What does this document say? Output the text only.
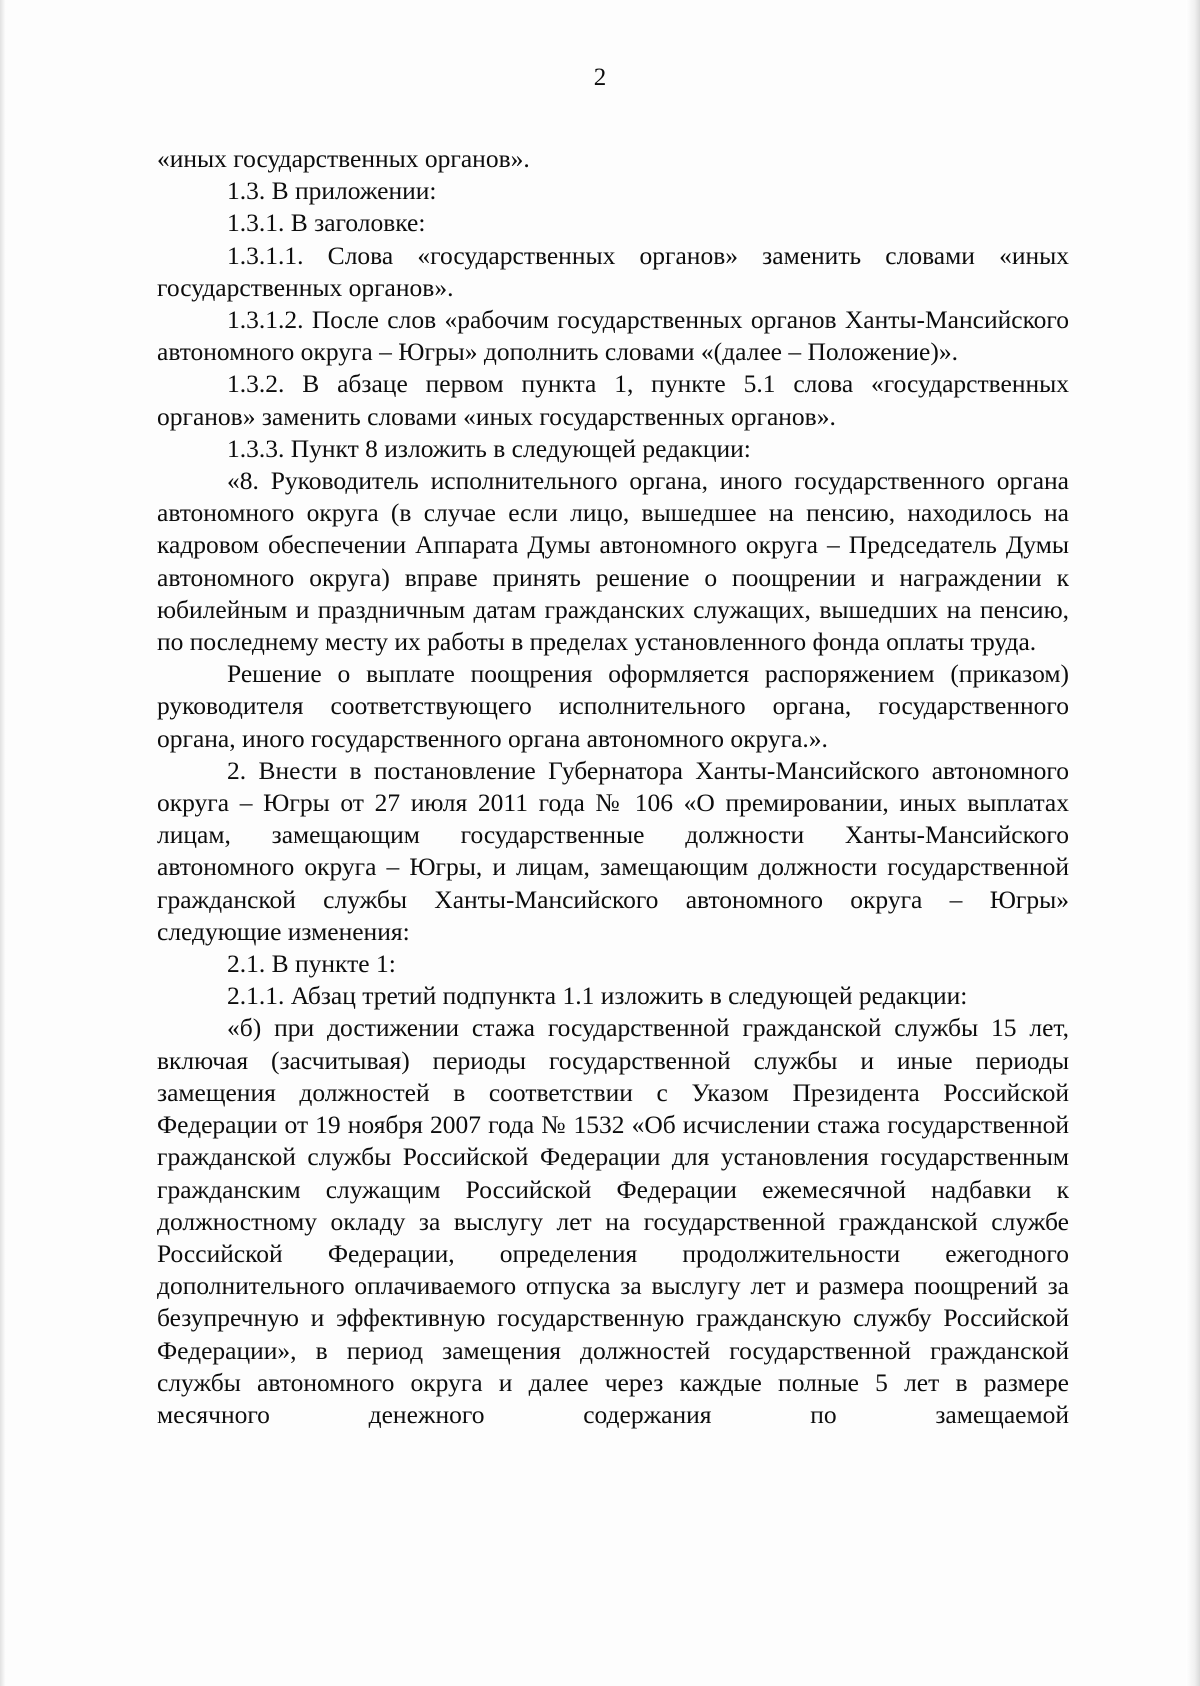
2

«иных государственных органов».

1.3. В приложении:

1.3.1. В заголовке:

1.3.1.1. Слова «государственных органов» заменить словами «иных государственных органов».

1.3.1.2. После слов «рабочим государственных органов Ханты-Мансийского автономного округа – Югры» дополнить словами «(далее – Положение)».

1.3.2. В абзаце первом пункта 1, пункте 5.1 слова «государственных органов» заменить словами «иных государственных органов».

1.3.3. Пункт 8 изложить в следующей редакции:

«8. Руководитель исполнительного органа, иного государственного органа автономного округа (в случае если лицо, вышедшее на пенсию, находилось на кадровом обеспечении Аппарата Думы автономного округа – Председатель Думы автономного округа) вправе принять решение о поощрении и награждении к юбилейным и праздничным датам гражданских служащих, вышедших на пенсию, по последнему месту их работы в пределах установленного фонда оплаты труда.

Решение о выплате поощрения оформляется распоряжением (приказом) руководителя соответствующего исполнительного органа, государственного органа, иного государственного органа автономного округа.».

2. Внести в постановление Губернатора Ханты-Мансийского автономного округа – Югры от 27 июля 2011 года № 106 «О премировании, иных выплатах лицам, замещающим государственные должности Ханты-Мансийского автономного округа – Югры, и лицам, замещающим должности государственной гражданской службы Ханты-Мансийского автономного округа – Югры» следующие изменения:

2.1. В пункте 1:

2.1.1. Абзац третий подпункта 1.1 изложить в следующей редакции:

«б) при достижении стажа государственной гражданской службы 15 лет, включая (засчитывая) периоды государственной службы и иные периоды замещения должностей в соответствии с Указом Президента Российской Федерации от 19 ноября 2007 года № 1532 «Об исчислении стажа государственной гражданской службы Российской Федерации для установления государственным гражданским служащим Российской Федерации ежемесячной надбавки к должностному окладу за выслугу лет на государственной гражданской службе Российской Федерации, определения продолжительности ежегодного дополнительного оплачиваемого отпуска за выслугу лет и размера поощрений за безупречную и эффективную государственную гражданскую службу Российской Федерации», в период замещения должностей государственной гражданской службы автономного округа и далее через каждые полные 5 лет в размере месячного денежного содержания по замещаемой
